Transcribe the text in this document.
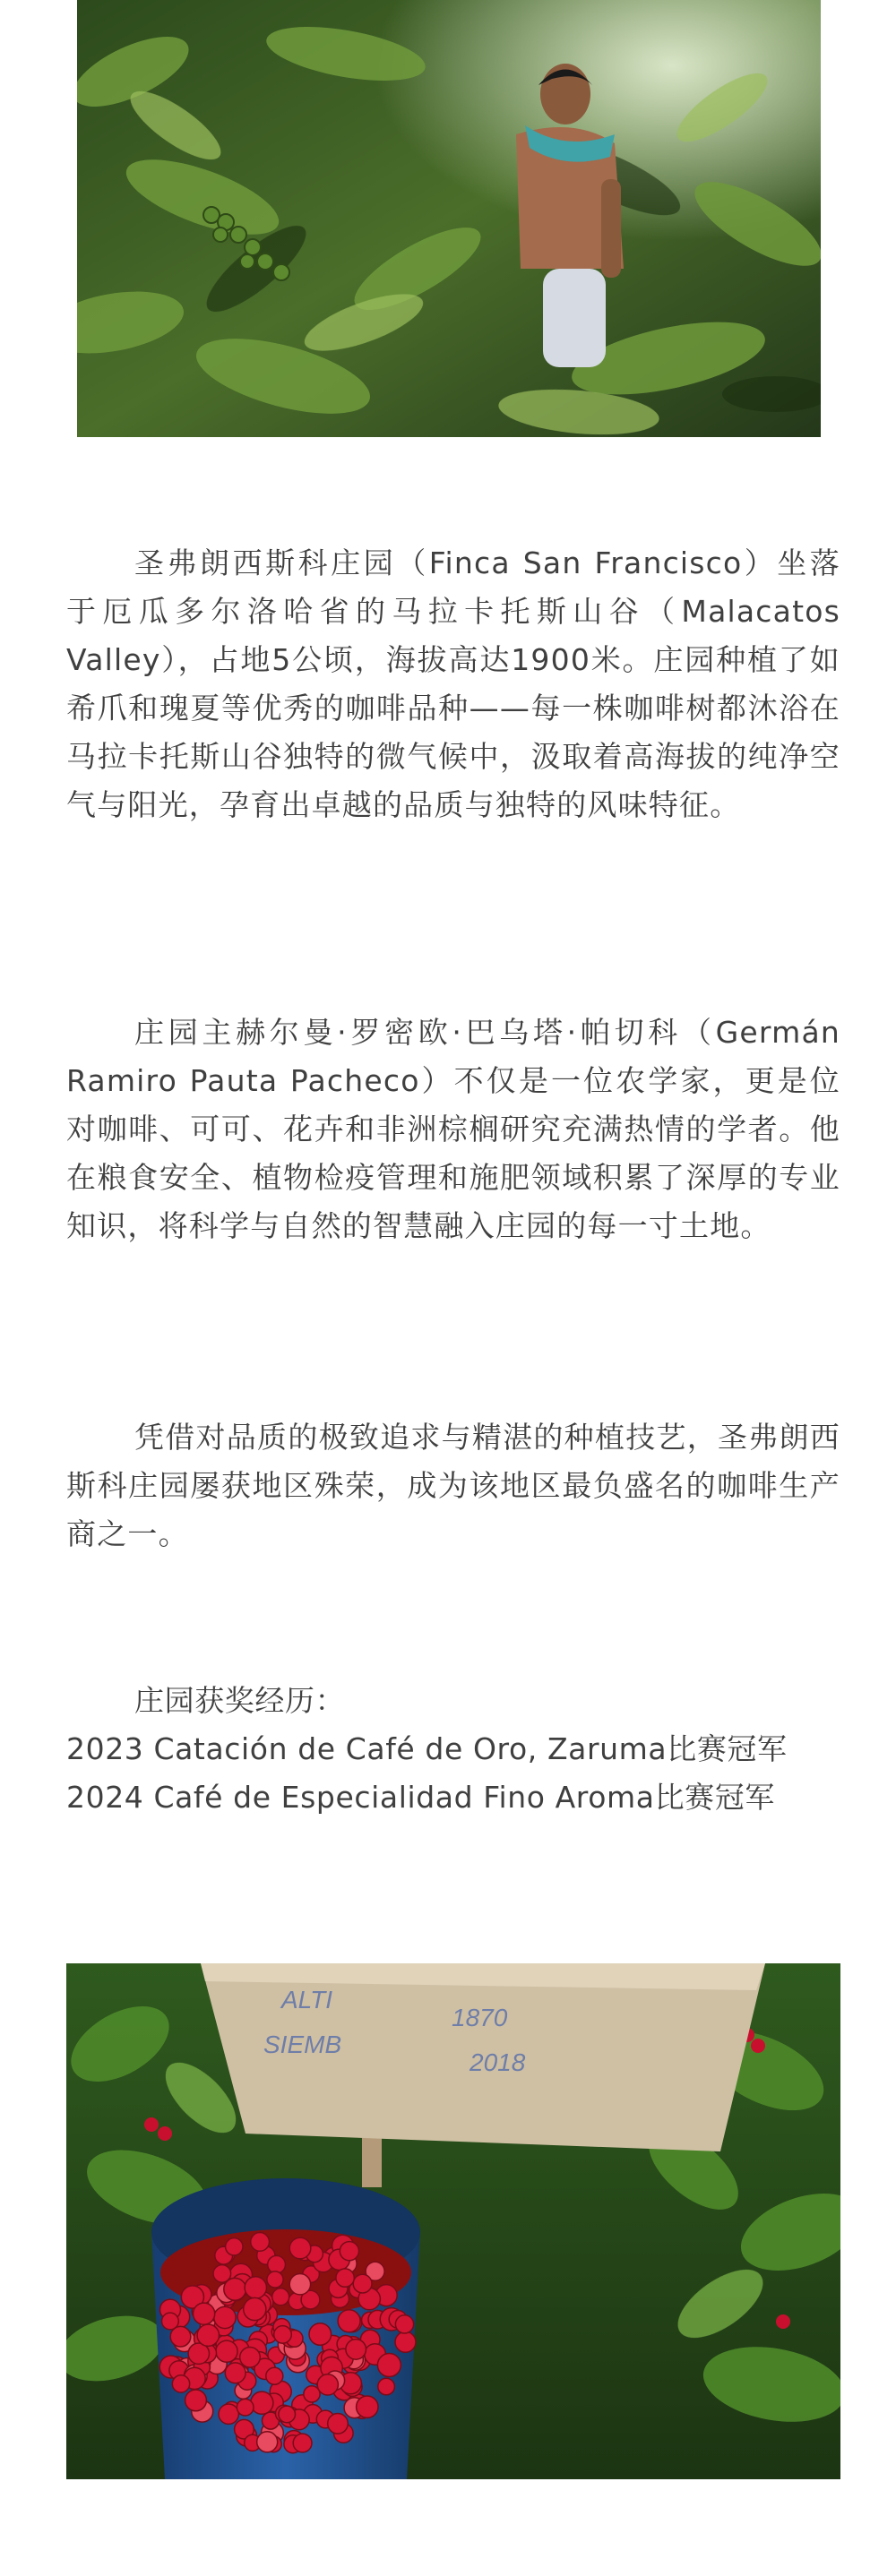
圣弗朗西斯科庄园（Finca San Francisco）坐落于厄瓜多尔洛哈省的马拉卡托斯山谷（Malacatos Valley），占地5公顷，海拔高达1900米。庄园种植了如希爪和瑰夏等优秀的咖啡品种——每一株咖啡树都沐浴在马拉卡托斯山谷独特的微气候中，汲取着高海拔的纯净空气与阳光，孕育出卓越的品质与独特的风味特征。

庄园主赫尔曼·罗密欧·巴乌塔·帕切科（Germán Ramiro Pauta Pacheco）不仅是一位农学家，更是位对咖啡、可可、花卉和非洲棕榈研究充满热情的学者。他在粮食安全、植物检疫管理和施肥领域积累了深厚的专业知识，将科学与自然的智慧融入庄园的每一寸土地。

凭借对品质的极致追求与精湛的种植技艺，圣弗朗西斯科庄园屡获地区殊荣，成为该地区最负盛名的咖啡生产商之一。

庄园获奖经历：
2023 Catación de Café de Oro, Zaruma比赛冠军
2024 Café de Especialidad Fino Aroma比赛冠军
ALTI
SIEMB
1870
2018
